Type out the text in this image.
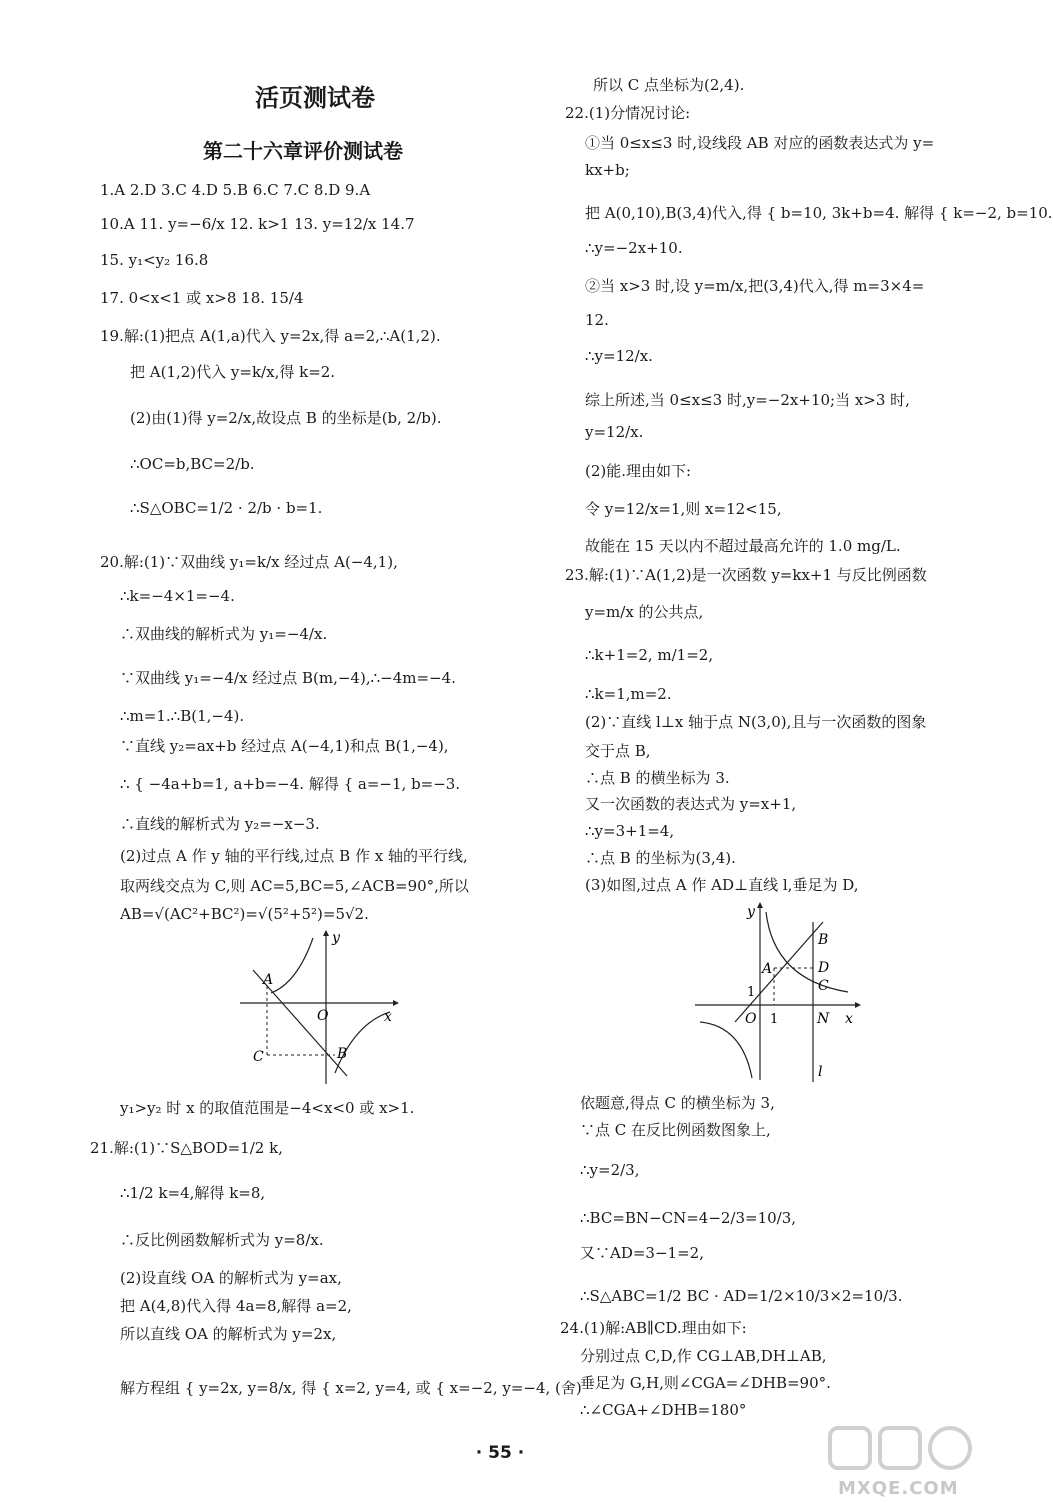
活页测试卷
第二十六章评价测试卷
1.A 2.D 3.C 4.D 5.B 6.C 7.C 8.D 9.A
10.A 11. y=−6/x 12. k>1 13. y=12/x 14.7
15. y₁<y₂ 16.8
17. 0<x<1 或 x>8 18. 15/4
19.解:(1)把点 A(1,a)代入 y=2x,得 a=2,∴A(1,2).
把 A(1,2)代入 y=k/x,得 k=2.
(2)由(1)得 y=2/x,故设点 B 的坐标是(b, 2/b).
∴OC=b,BC=2/b.
∴S△OBC=1/2 · 2/b · b=1.
20.解:(1)∵双曲线 y₁=k/x 经过点 A(−4,1),
∴k=−4×1=−4.
∴双曲线的解析式为 y₁=−4/x.
∵双曲线 y₁=−4/x 经过点 B(m,−4),∴−4m=−4.
∴m=1.∴B(1,−4).
∵直线 y₂=ax+b 经过点 A(−4,1)和点 B(1,−4),
∴ { −4a+b=1, a+b=−4. 解得 { a=−1, b=−3.
∴直线的解析式为 y₂=−x−3.
(2)过点 A 作 y 轴的平行线,过点 B 作 x 轴的平行线,
取两线交点为 C,则 AC=5,BC=5,∠ACB=90°,所以
AB=√(AC²+BC²)=√(5²+5²)=5√2.
y
x
O
A
B
C
y₁>y₂ 时 x 的取值范围是−4<x<0 或 x>1.
21.解:(1)∵S△BOD=1/2 k,
∴1/2 k=4,解得 k=8,
∴反比例函数解析式为 y=8/x.
(2)设直线 OA 的解析式为 y=ax,
把 A(4,8)代入得 4a=8,解得 a=2,
所以直线 OA 的解析式为 y=2x,
解方程组 { y=2x, y=8/x, 得 { x=2, y=4, 或 { x=−2, y=−4, (舍)
所以 C 点坐标为(2,4).
22.(1)分情况讨论:
①当 0≤x≤3 时,设线段 AB 对应的函数表达式为 y=
kx+b;
把 A(0,10),B(3,4)代入,得 { b=10, 3k+b=4. 解得 { k=−2, b=10.
∴y=−2x+10.
②当 x>3 时,设 y=m/x,把(3,4)代入,得 m=3×4=
12.
∴y=12/x.
综上所述,当 0≤x≤3 时,y=−2x+10;当 x>3 时,
y=12/x.
(2)能.理由如下:
令 y=12/x=1,则 x=12<15,
故能在 15 天以内不超过最高允许的 1.0 mg/L.
23.解:(1)∵A(1,2)是一次函数 y=kx+1 与反比例函数
y=m/x 的公共点,
∴k+1=2, m/1=2,
∴k=1,m=2.
(2)∵直线 l⊥x 轴于点 N(3,0),且与一次函数的图象
交于点 B,
∴点 B 的横坐标为 3.
又一次函数的表达式为 y=x+1,
∴y=3+1=4,
∴点 B 的坐标为(3,4).
(3)如图,过点 A 作 AD⊥直线 l,垂足为 D,
y
x
O 1
1
A
B
D
C
N
l
依题意,得点 C 的横坐标为 3,
∵点 C 在反比例函数图象上,
∴y=2/3,
∴BC=BN−CN=4−2/3=10/3,
又∵AD=3−1=2,
∴S△ABC=1/2 BC · AD=1/2×10/3×2=10/3.
24.(1)解:AB∥CD.理由如下:
分别过点 C,D,作 CG⊥AB,DH⊥AB,
垂足为 G,H,则∠CGA=∠DHB=90°.
∴∠CGA+∠DHB=180°
· 55 ·
MXQE.COM
